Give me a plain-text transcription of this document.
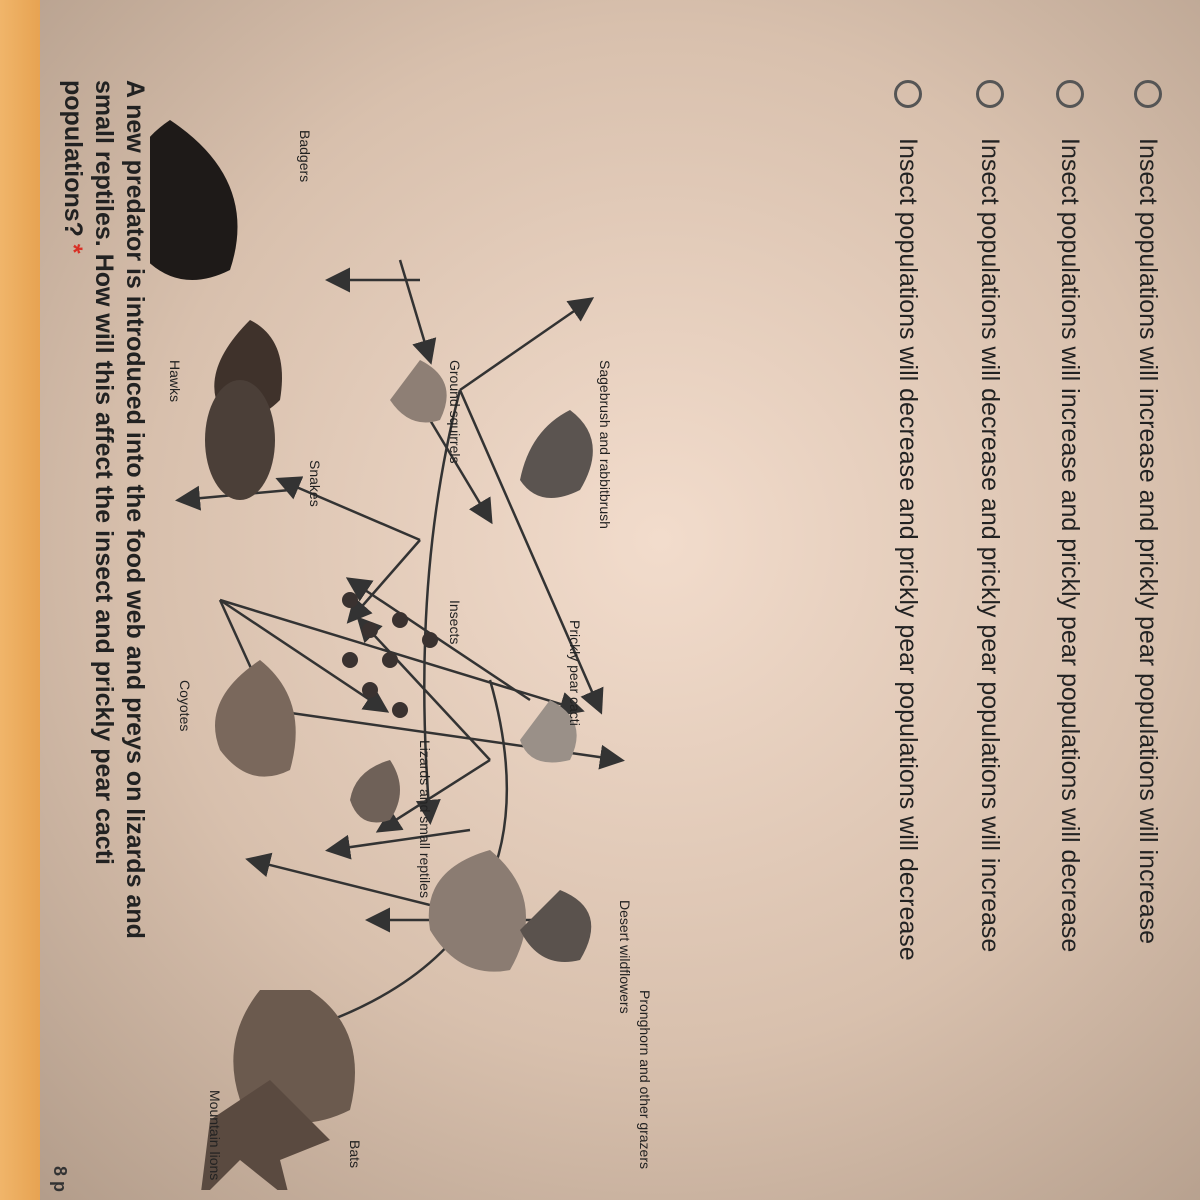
A new predator is introduced into the food web and preys on lizards and
small reptiles. How will this affect the insect and prickly pear cacti
populations? *
8 p	Mountain lions	Bats
Hawks
Coyotes
Badgers
Snakes
Lizards and small reptiles
Pronghorn and other grazers
Ground squirrels
Insects
Sagebrush and rabbitbrush
Prickly pear cacti
Desert wildflowers	Insect populations will decrease and prickly pear populations will decrease Insect populations will decrease and prickly pear populations will increase Insect populations will increase and prickly pear populations will decrease Insect populations will increase and prickly pear populations will increase
